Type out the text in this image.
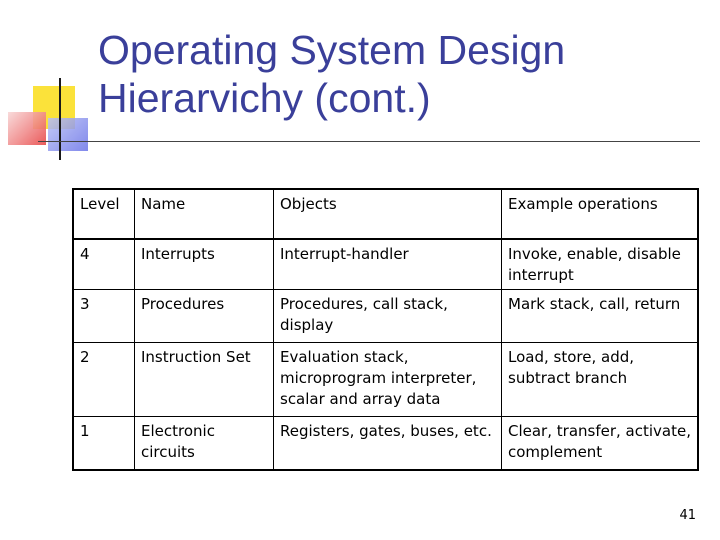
Operating System Design
Hierarvichy (cont.)
Level	Name	Objects	Example operations
4	Interrupts	Interrupt-handler	Invoke, enable, disable interrupt
3	Procedures	Procedures, call stack, display	Mark stack, call, return
2	Instruction Set	Evaluation stack, microprogram interpreter, scalar and array data	Load, store, add, subtract branch
1	Electronic circuits	Registers, gates, buses, etc.	Clear, transfer, activate, complement
41
